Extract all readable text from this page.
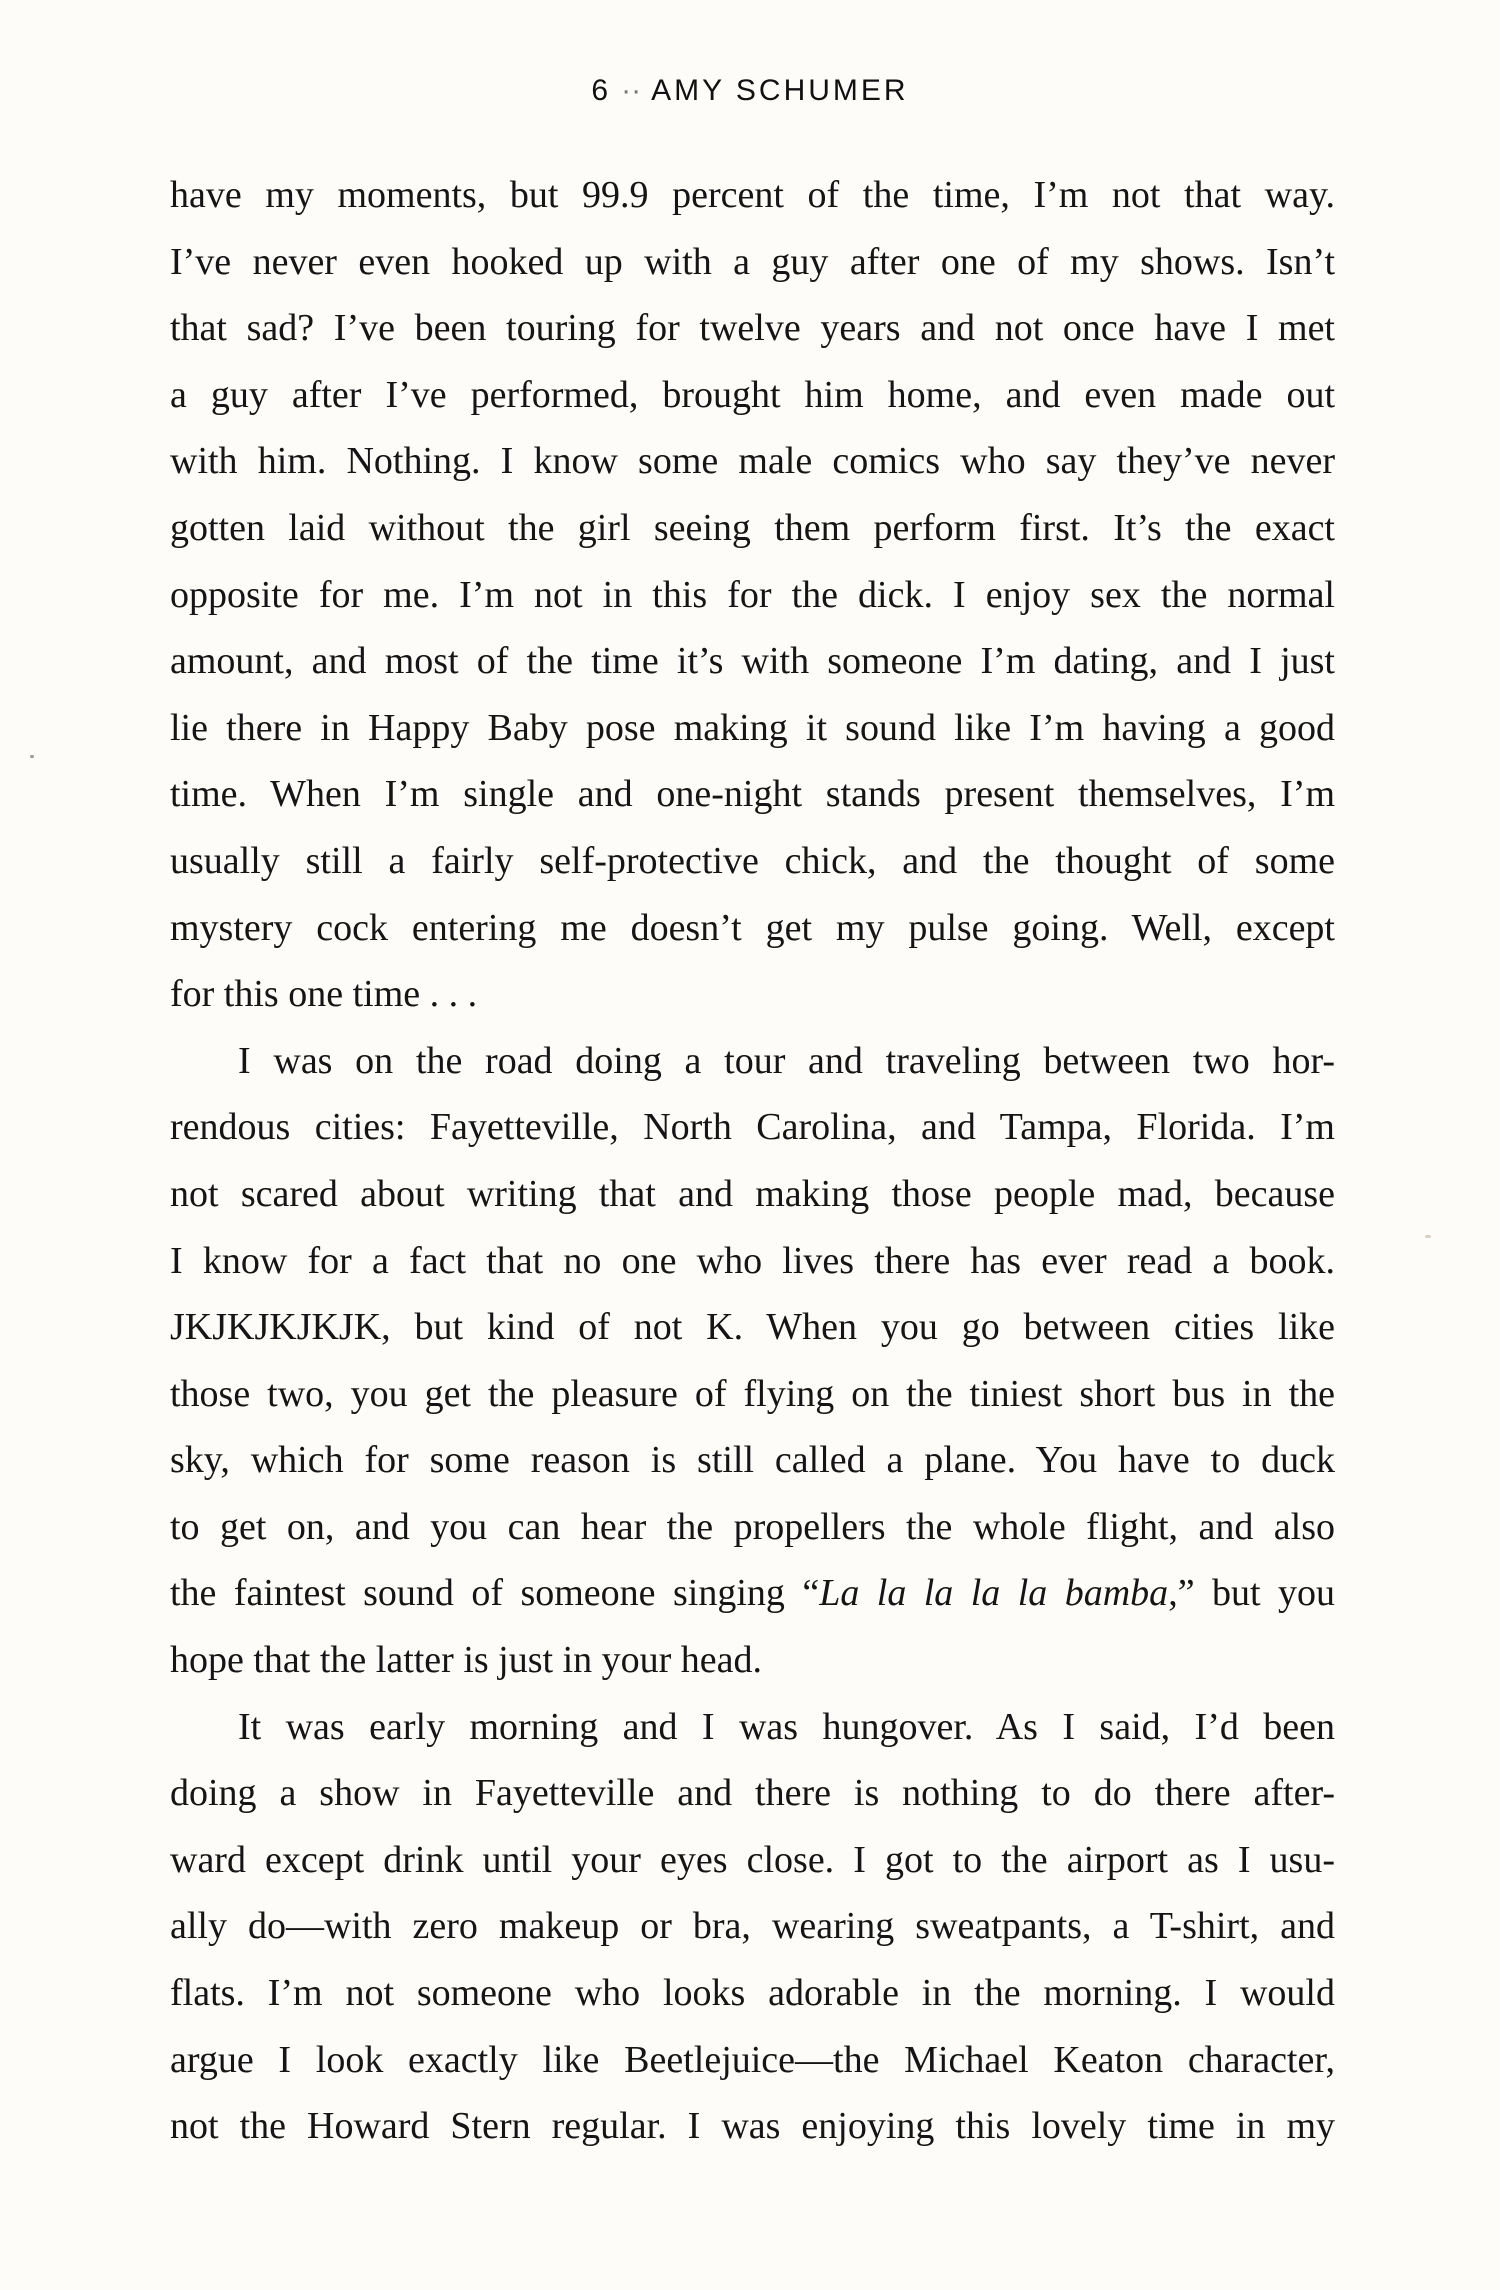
6 ·· AMY SCHUMER

have my moments, but 99.9 percent of the time, I’m not that way.
I’ve never even hooked up with a guy after one of my shows. Isn’t
that sad? I’ve been touring for twelve years and not once have I met
a guy after I’ve performed, brought him home, and even made out
with him. Nothing. I know some male comics who say they’ve never
gotten laid without the girl seeing them perform first. It’s the exact
opposite for me. I’m not in this for the dick. I enjoy sex the normal
amount, and most of the time it’s with someone I’m dating, and I just
lie there in Happy Baby pose making it sound like I’m having a good
time. When I’m single and one-night stands present themselves, I’m
usually still a fairly self-protective chick, and the thought of some
mystery cock entering me doesn’t get my pulse going. Well, except
for this one time . . .

I was on the road doing a tour and traveling between two hor-
rendous cities: Fayetteville, North Carolina, and Tampa, Florida. I’m
not scared about writing that and making those people mad, because
I know for a fact that no one who lives there has ever read a book.
JKJKJKJKJK, but kind of not K. When you go between cities like
those two, you get the pleasure of flying on the tiniest short bus in the
sky, which for some reason is still called a plane. You have to duck
to get on, and you can hear the propellers the whole flight, and also
the faintest sound of someone singing “La la la la la bamba,” but you
hope that the latter is just in your head.

It was early morning and I was hungover. As I said, I’d been
doing a show in Fayetteville and there is nothing to do there after-
ward except drink until your eyes close. I got to the airport as I usu-
ally do—with zero makeup or bra, wearing sweatpants, a T-shirt, and
flats. I’m not someone who looks adorable in the morning. I would
argue I look exactly like Beetlejuice—the Michael Keaton character,
not the Howard Stern regular. I was enjoying this lovely time in my
